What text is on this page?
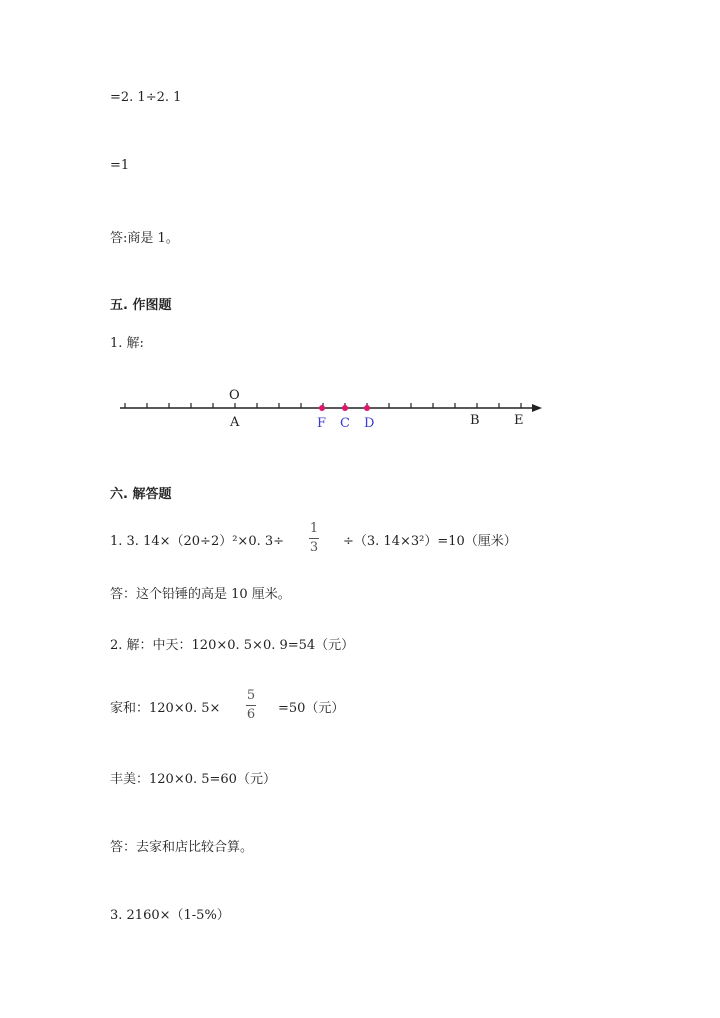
=2. 1÷2. 1
=1
答:商是 1。
五. 作图题
1. 解:
O
A	F C D	B	E
六. 解答题
1. 3. 14×（20÷2）²×0. 3÷
1
3 ÷（3. 14×3²）=10（厘米）
答：这个铅锤的高是 10 厘米。
2. 解：中天：120×0. 5×0. 9=54（元）
家和：120×0. 5×
5
6 =50（元）
丰美：120×0. 5=60（元）
答：去家和店比较合算。
3. 2160×（1-5%）
